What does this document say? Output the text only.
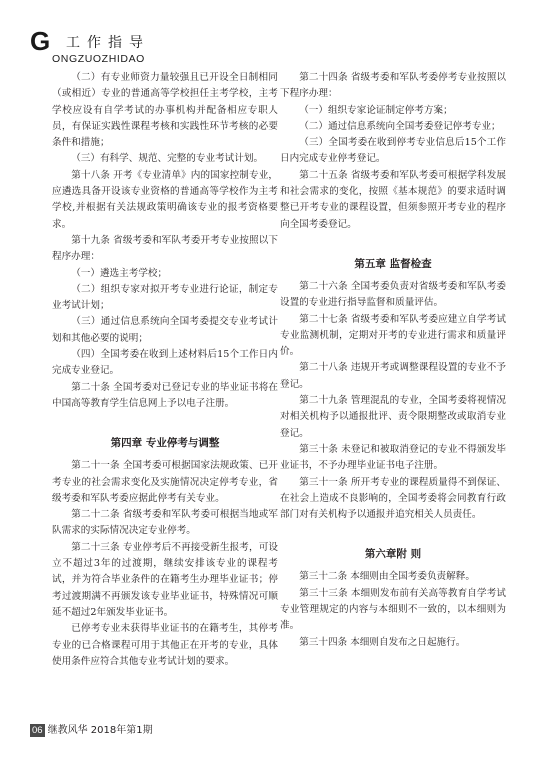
G 工作指导
ONGZUOZHIDAO

（二）有专业师资力量较强且已开设全日制相同（或相近）专业的普通高等学校担任主考学校，主考学校应设有自学考试的办事机构并配备相应专职人员，有保证实践性课程考核和实践性环节考核的必要条件和措施；

（三）有科学、规范、完整的专业考试计划。

第十八条 开考《专业清单》内的国家控制专业，应遴选具备开设该专业资格的普通高等学校作为主考学校,并根据有关法规政策明确该专业的报考资格要求。

第十九条 省级考委和军队考委开考专业按照以下程序办理：

（一）遴选主考学校；

（二）组织专家对拟开考专业进行论证，制定专业考试计划；

（三）通过信息系统向全国考委提交专业考试计划和其他必要的说明；

（四）全国考委在收到上述材料后15个工作日内完成专业登记。

第二十条 全国考委对已登记专业的毕业证书将在中国高等教育学生信息网上予以电子注册。

第四章 专业停考与调整

第二十一条 全国考委可根据国家法规政策、已开考专业的社会需求变化及实施情况决定停考专业，省级考委和军队考委应据此停考有关专业。

第二十二条 省级考委和军队考委可根据当地或军队需求的实际情况决定专业停考。

第二十三条 专业停考后不再接受新生报考，可设立不超过3年的过渡期，继续安排该专业的课程考试，并为符合毕业条件的在籍考生办理毕业证书；停考过渡期满不再颁发该专业毕业证书，特殊情况可顺延不超过2年颁发毕业证书。

已停考专业未获得毕业证书的在籍考生，其停考专业的已合格课程可用于其他正在开考的专业，具体使用条件应符合其他专业考试计划的要求。

第二十四条 省级考委和军队考委停考专业按照以下程序办理：

（一）组织专家论证制定停考方案；

（二）通过信息系统向全国考委登记停考专业；

（三）全国考委在收到停考专业信息后15个工作日内完成专业停考登记。

第二十五条 省级考委和军队考委可根据学科发展和社会需求的变化，按照《基本规范》的要求适时调整已开考专业的课程设置，但须参照开考专业的程序向全国考委登记。

第五章 监督检查

第二十六条 全国考委负责对省级考委和军队考委设置的专业进行指导监督和质量评估。

第二十七条 省级考委和军队考委应建立自学考试专业监测机制，定期对开考的专业进行需求和质量评价。

第二十八条 违规开考或调整课程设置的专业不予登记。

第二十九条 管理混乱的专业，全国考委将视情况对相关机构予以通报批评、责令限期整改或取消专业登记。

第三十条 未登记和被取消登记的专业不得颁发毕业证书，不予办理毕业证书电子注册。

第三十一条 所开考专业的课程质量得不到保证、在社会上造成不良影响的，全国考委将会同教育行政部门对有关机构予以通报并追究相关人员责任。

第六章附 则

第三十二条 本细则由全国考委负责解释。

第三十三条 本细则发布前有关高等教育自学考试专业管理规定的内容与本细则不一致的，以本细则为准。

第三十四条 本细则自发布之日起施行。

06 继教风华 2018年第1期
